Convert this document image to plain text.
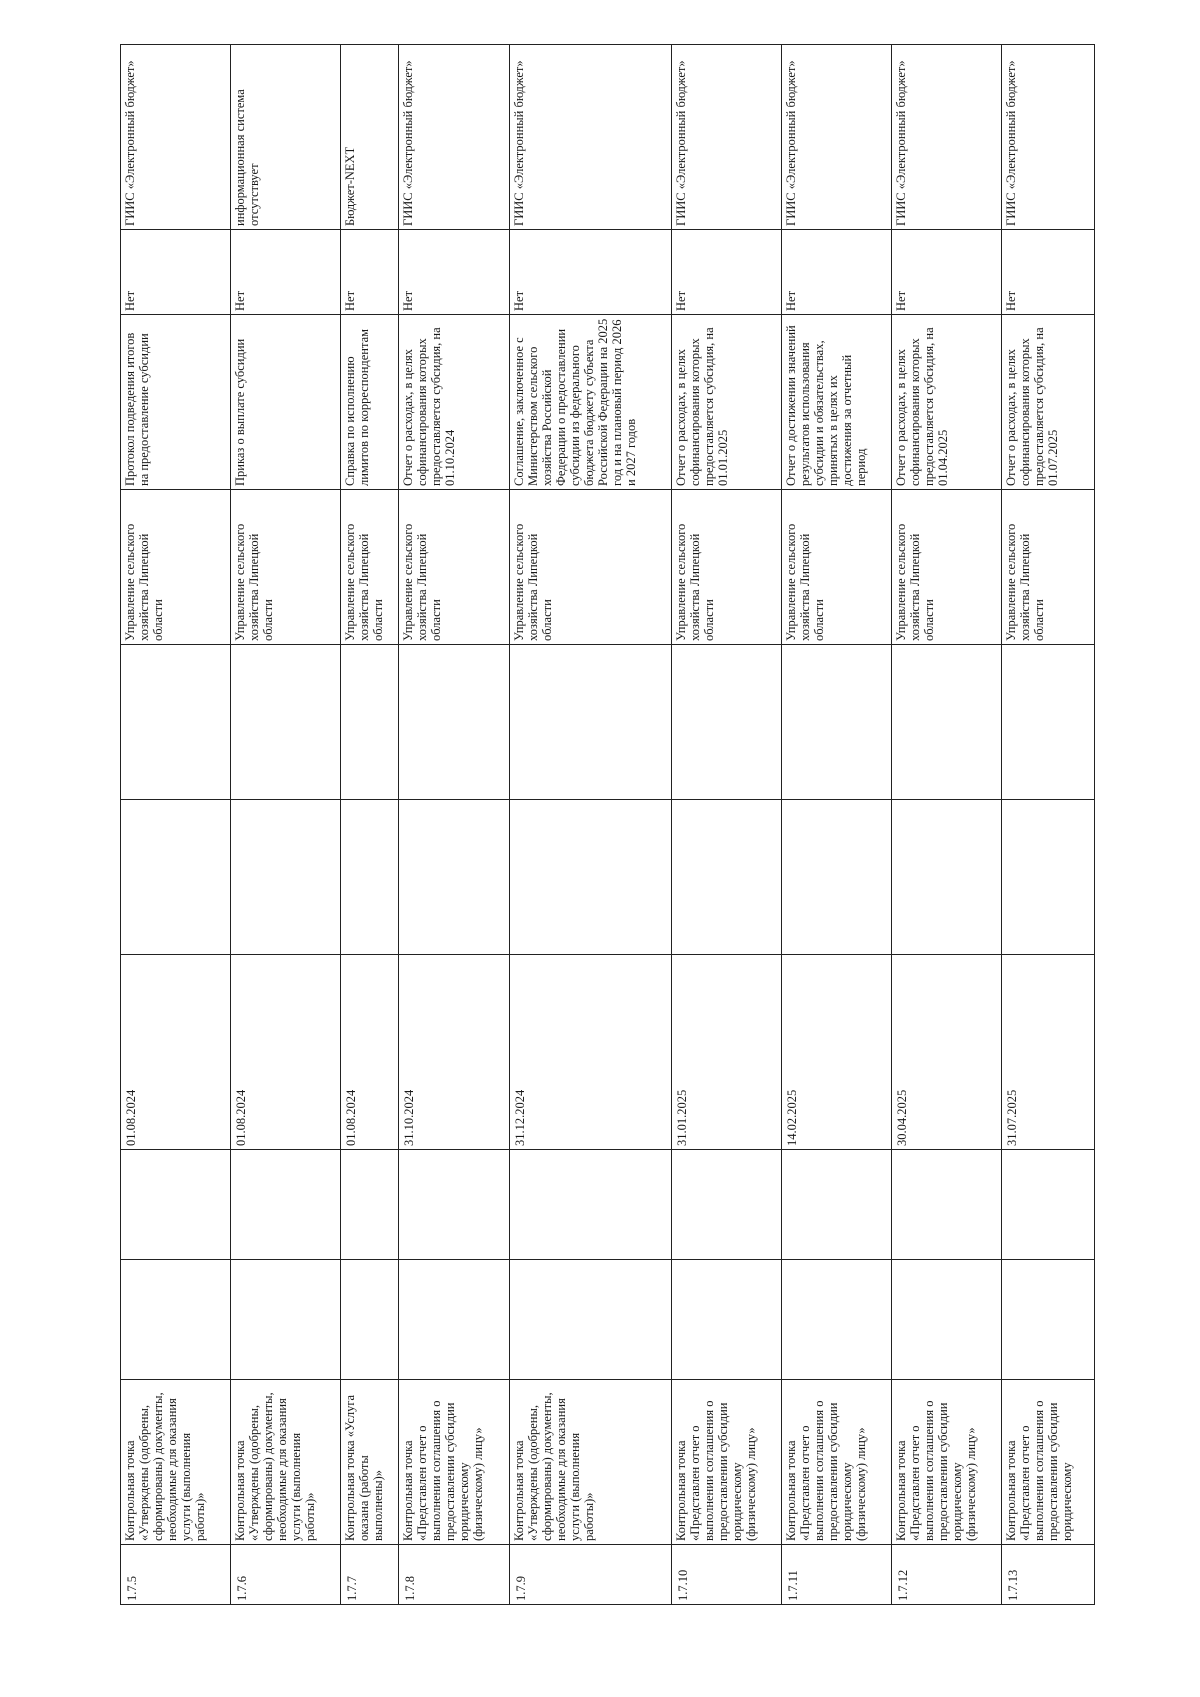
1.7.5	Контрольная точка «Утверждены (одобрены, сформированы) документы, необходимые для оказания услуги (выполнения работы)»			01.08.2024			Управление сельского хозяйства Липецкой области	Протокол подведения итогов на предоставление субсидии	Нет	ГИИС «Электронный бюджет»
1.7.6	Контрольная точка «Утверждены (одобрены, сформированы) документы, необходимые для оказания услуги (выполнения работы)»			01.08.2024			Управление сельского хозяйства Липецкой области	Приказ о выплате субсидии	Нет	информационная система отсутствует
1.7.7	Контрольная точка «Услуга оказана (работы выполнены)»			01.08.2024			Управление сельского хозяйства Липецкой области	Справка по исполнению лимитов по корреспондентам	Нет	Бюджет-NEXT
1.7.8	Контрольная точка «Представлен отчет о выполнении соглашения о предоставлении субсидии юридическому (физическому) лицу»			31.10.2024			Управление сельского хозяйства Липецкой области	Отчет о расходах, в целях софинансирования которых предоставляется субсидия, на 01.10.2024	Нет	ГИИС «Электронный бюджет»
1.7.9	Контрольная точка «Утверждены (одобрены, сформированы) документы, необходимые для оказания услуги (выполнения работы)»			31.12.2024			Управление сельского хозяйства Липецкой области	Соглашение, заключенное с Министерством сельского хозяйства Российской Федерации о предоставлении субсидии из федерального бюджета бюджету субъекта Российской Федерации на 2025 год и на плановый период 2026 и 2027 годов	Нет	ГИИС «Электронный бюджет»
1.7.10	Контрольная точка «Представлен отчет о выполнении соглашения о предоставлении субсидии юридическому (физическому) лицу»			31.01.2025			Управление сельского хозяйства Липецкой области	Отчет о расходах, в целях софинансирования которых предоставляется субсидия, на 01.01.2025	Нет	ГИИС «Электронный бюджет»
1.7.11	Контрольная точка «Представлен отчет о выполнении соглашения о предоставлении субсидии юридическому (физическому) лицу»			14.02.2025			Управление сельского хозяйства Липецкой области	Отчет о достижении значений результатов использования субсидии и обязательствах, принятых в целях их достижения за отчетный период	Нет	ГИИС «Электронный бюджет»
1.7.12	Контрольная точка «Представлен отчет о выполнении соглашения о предоставлении субсидии юридическому (физическому) лицу»			30.04.2025			Управление сельского хозяйства Липецкой области	Отчет о расходах, в целях софинансирования которых предоставляется субсидия, на 01.04.2025	Нет	ГИИС «Электронный бюджет»
1.7.13	Контрольная точка «Представлен отчет о выполнении соглашения о предоставлении субсидии юридическому			31.07.2025			Управление сельского хозяйства Липецкой области	Отчет о расходах, в целях софинансирования которых предоставляется субсидия, на 01.07.2025	Нет	ГИИС «Электронный бюджет»
